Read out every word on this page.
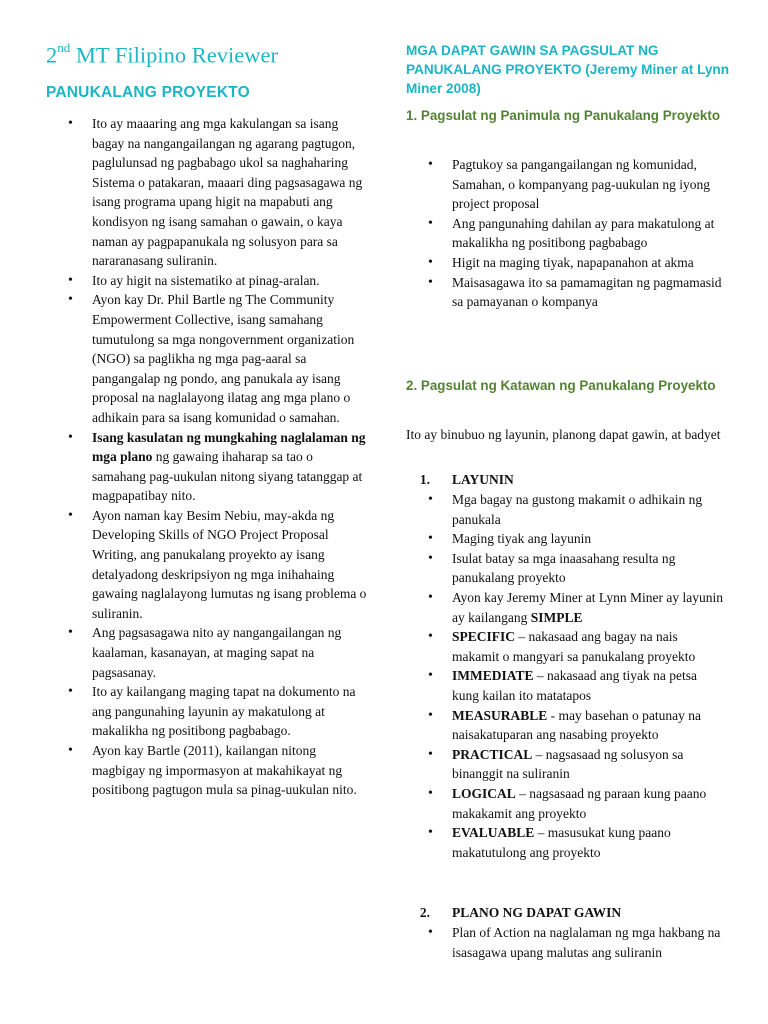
2nd MT Filipino Reviewer
PANUKALANG PROYEKTO
• Ito ay maaaring ang mga kakulangan sa isang bagay na nangangailangan ng agarang pagtugon, paglulunsad ng pagbabago ukol sa naghaharing Sistema o patakaran, maaari ding pagsasagawa ng isang programa upang higit na mapabuti ang kondisyon ng isang samahan o gawain, o kaya naman ay pagpapanukala ng solusyon para sa nararanasang suliranin.
• Ito ay higit na sistematiko at pinag-aralan.
• Ayon kay Dr. Phil Bartle ng The Community Empowerment Collective, isang samahang tumutulong sa mga nongovernment organization (NGO) sa paglikha ng mga pag-aaral sa pangangalap ng pondo, ang panukala ay isang proposal na naglalayong ilatag ang mga plano o adhikain para sa isang komunidad o samahan.
• Isang kasulatan ng mungkahing naglalaman ng mga plano ng gawaing ihaharap sa tao o samahang pag-uukulan nitong siyang tatanggap at magpapatibay nito.
• Ayon naman kay Besim Nebiu, may-akda ng Developing Skills of NGO Project Proposal Writing, ang panukalang proyekto ay isang detalyadong deskripsiyon ng mga inihahaing gawaing naglalayong lumutas ng isang problema o suliranin.
• Ang pagsasagawa nito ay nangangailangan ng kaalaman, kasanayan, at maging sapat na pagsasanay.
• Ito ay kailangang maging tapat na dokumento na ang pangunahing layunin ay makatulong at makalikha ng positibong pagbabago.
• Ayon kay Bartle (2011), kailangan nitong magbigay ng impormasyon at makahikayat ng positibong pagtugon mula sa pinag-uukulan nito.
MGA DAPAT GAWIN SA PAGSULAT NG PANUKALANG PROYEKTO (Jeremy Miner at Lynn Miner 2008)
1. Pagsulat ng Panimula ng Panukalang Proyekto
• Pagtukoy sa pangangailangan ng komunidad, Samahan, o kompanyang pag-uukulan ng iyong project proposal
• Ang pangunahing dahilan ay para makatulong at makalikha ng positibong pagbabago
• Higit na maging tiyak, napapanahon at akma
• Maisasagawa ito sa pamamagitan ng pagmamasid sa pamayanan o kompanya
2. Pagsulat ng Katawan ng Panukalang Proyekto
Ito ay binubuo ng layunin, planong dapat gawin, at badyet
1. LAYUNIN
• Mga bagay na gustong makamit o adhikain ng panukala
• Maging tiyak ang layunin
• Isulat batay sa mga inaasahang resulta ng panukalang proyekto
• Ayon kay Jeremy Miner at Lynn Miner ay layunin ay kailangang SIMPLE
• SPECIFIC – nakasaad ang bagay na nais makamit o mangyari sa panukalang proyekto
• IMMEDIATE – nakasaad ang tiyak na petsa kung kailan ito matatapos
• MEASURABLE - may basehan o patunay na naisakatuparan ang nasabing proyekto
• PRACTICAL – nagsasaad ng solusyon sa binanggit na suliranin
• LOGICAL – nagsasaad ng paraan kung paano makakamit ang proyekto
• EVALUABLE – masusukat kung paano makatutulong ang proyekto
2. PLANO NG DAPAT GAWIN
• Plan of Action na naglalaman ng mga hakbang na isasagawa upang malutas ang suliranin
